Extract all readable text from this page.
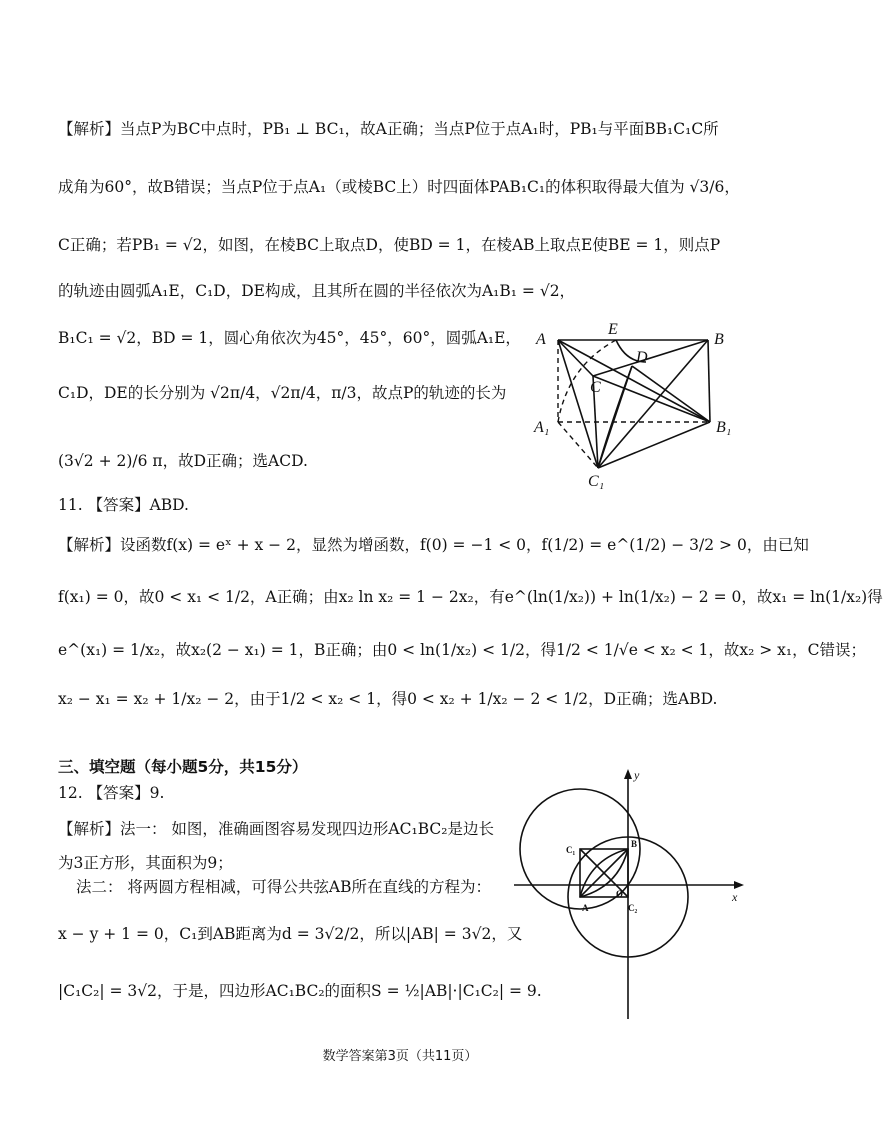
【解析】当点P为BC中点时，PB₁ ⊥ BC₁，故A正确；当点P位于点A₁时，PB₁与平面BB₁C₁C所
成角为60°，故B错误；当点P位于点A₁（或棱BC上）时四面体PAB₁C₁的体积取得最大值为 √3/6，
C正确；若PB₁ = √2，如图，在棱BC上取点D，使BD = 1，在棱AB上取点E使BE = 1，则点P
的轨迹由圆弧A₁E，C₁D，DE构成，且其所在圆的半径依次为A₁B₁ = √2，
B₁C₁ = √2，BD = 1，圆心角依次为45°，45°，60°，圆弧A₁E，
C₁D，DE的长分别为 √2π/4，√2π/4，π/3，故点P的轨迹的长为
(3√2 + 2)/6 π，故D正确；选ACD.
A
E
B
D
C
A₁	B₁
C₁
11. 【答案】ABD.
【解析】设函数f(x) = eˣ + x − 2，显然为增函数，f(0) = −1 < 0，f(1/2) = e^(1/2) − 3/2 > 0，由已知
f(x₁) = 0，故0 < x₁ < 1/2，A正确；由x₂ ln x₂ = 1 − 2x₂，有e^(ln(1/x₂)) + ln(1/x₂) − 2 = 0，故x₁ = ln(1/x₂)得
e^(x₁) = 1/x₂，故x₂(2 − x₁) = 1，B正确；由0 < ln(1/x₂) < 1/2，得1/2 < 1/√e < x₂ < 1，故x₂ > x₁，C错误；
x₂ − x₁ = x₂ + 1/x₂ − 2，由于1/2 < x₂ < 1，得0 < x₂ + 1/x₂ − 2 < 1/2，D正确；选ABD.
三、填空题（每小题5分，共15分）
12. 【答案】9.
【解析】法一： 如图，准确画图容易发现四边形AC₁BC₂是边长
为3正方形，其面积为9；
法二： 将两圆方程相减，可得公共弦AB所在直线的方程为：
x − y + 1 = 0，C₁到AB距离为d = 3√2/2，所以|AB| = 3√2，又
|C₁C₂| = 3√2，于是，四边形AC₁BC₂的面积S = ½|AB|·|C₁C₂| = 9.
y
x
B
C₁
O
A	C₂
数学答案第3页（共11页）
